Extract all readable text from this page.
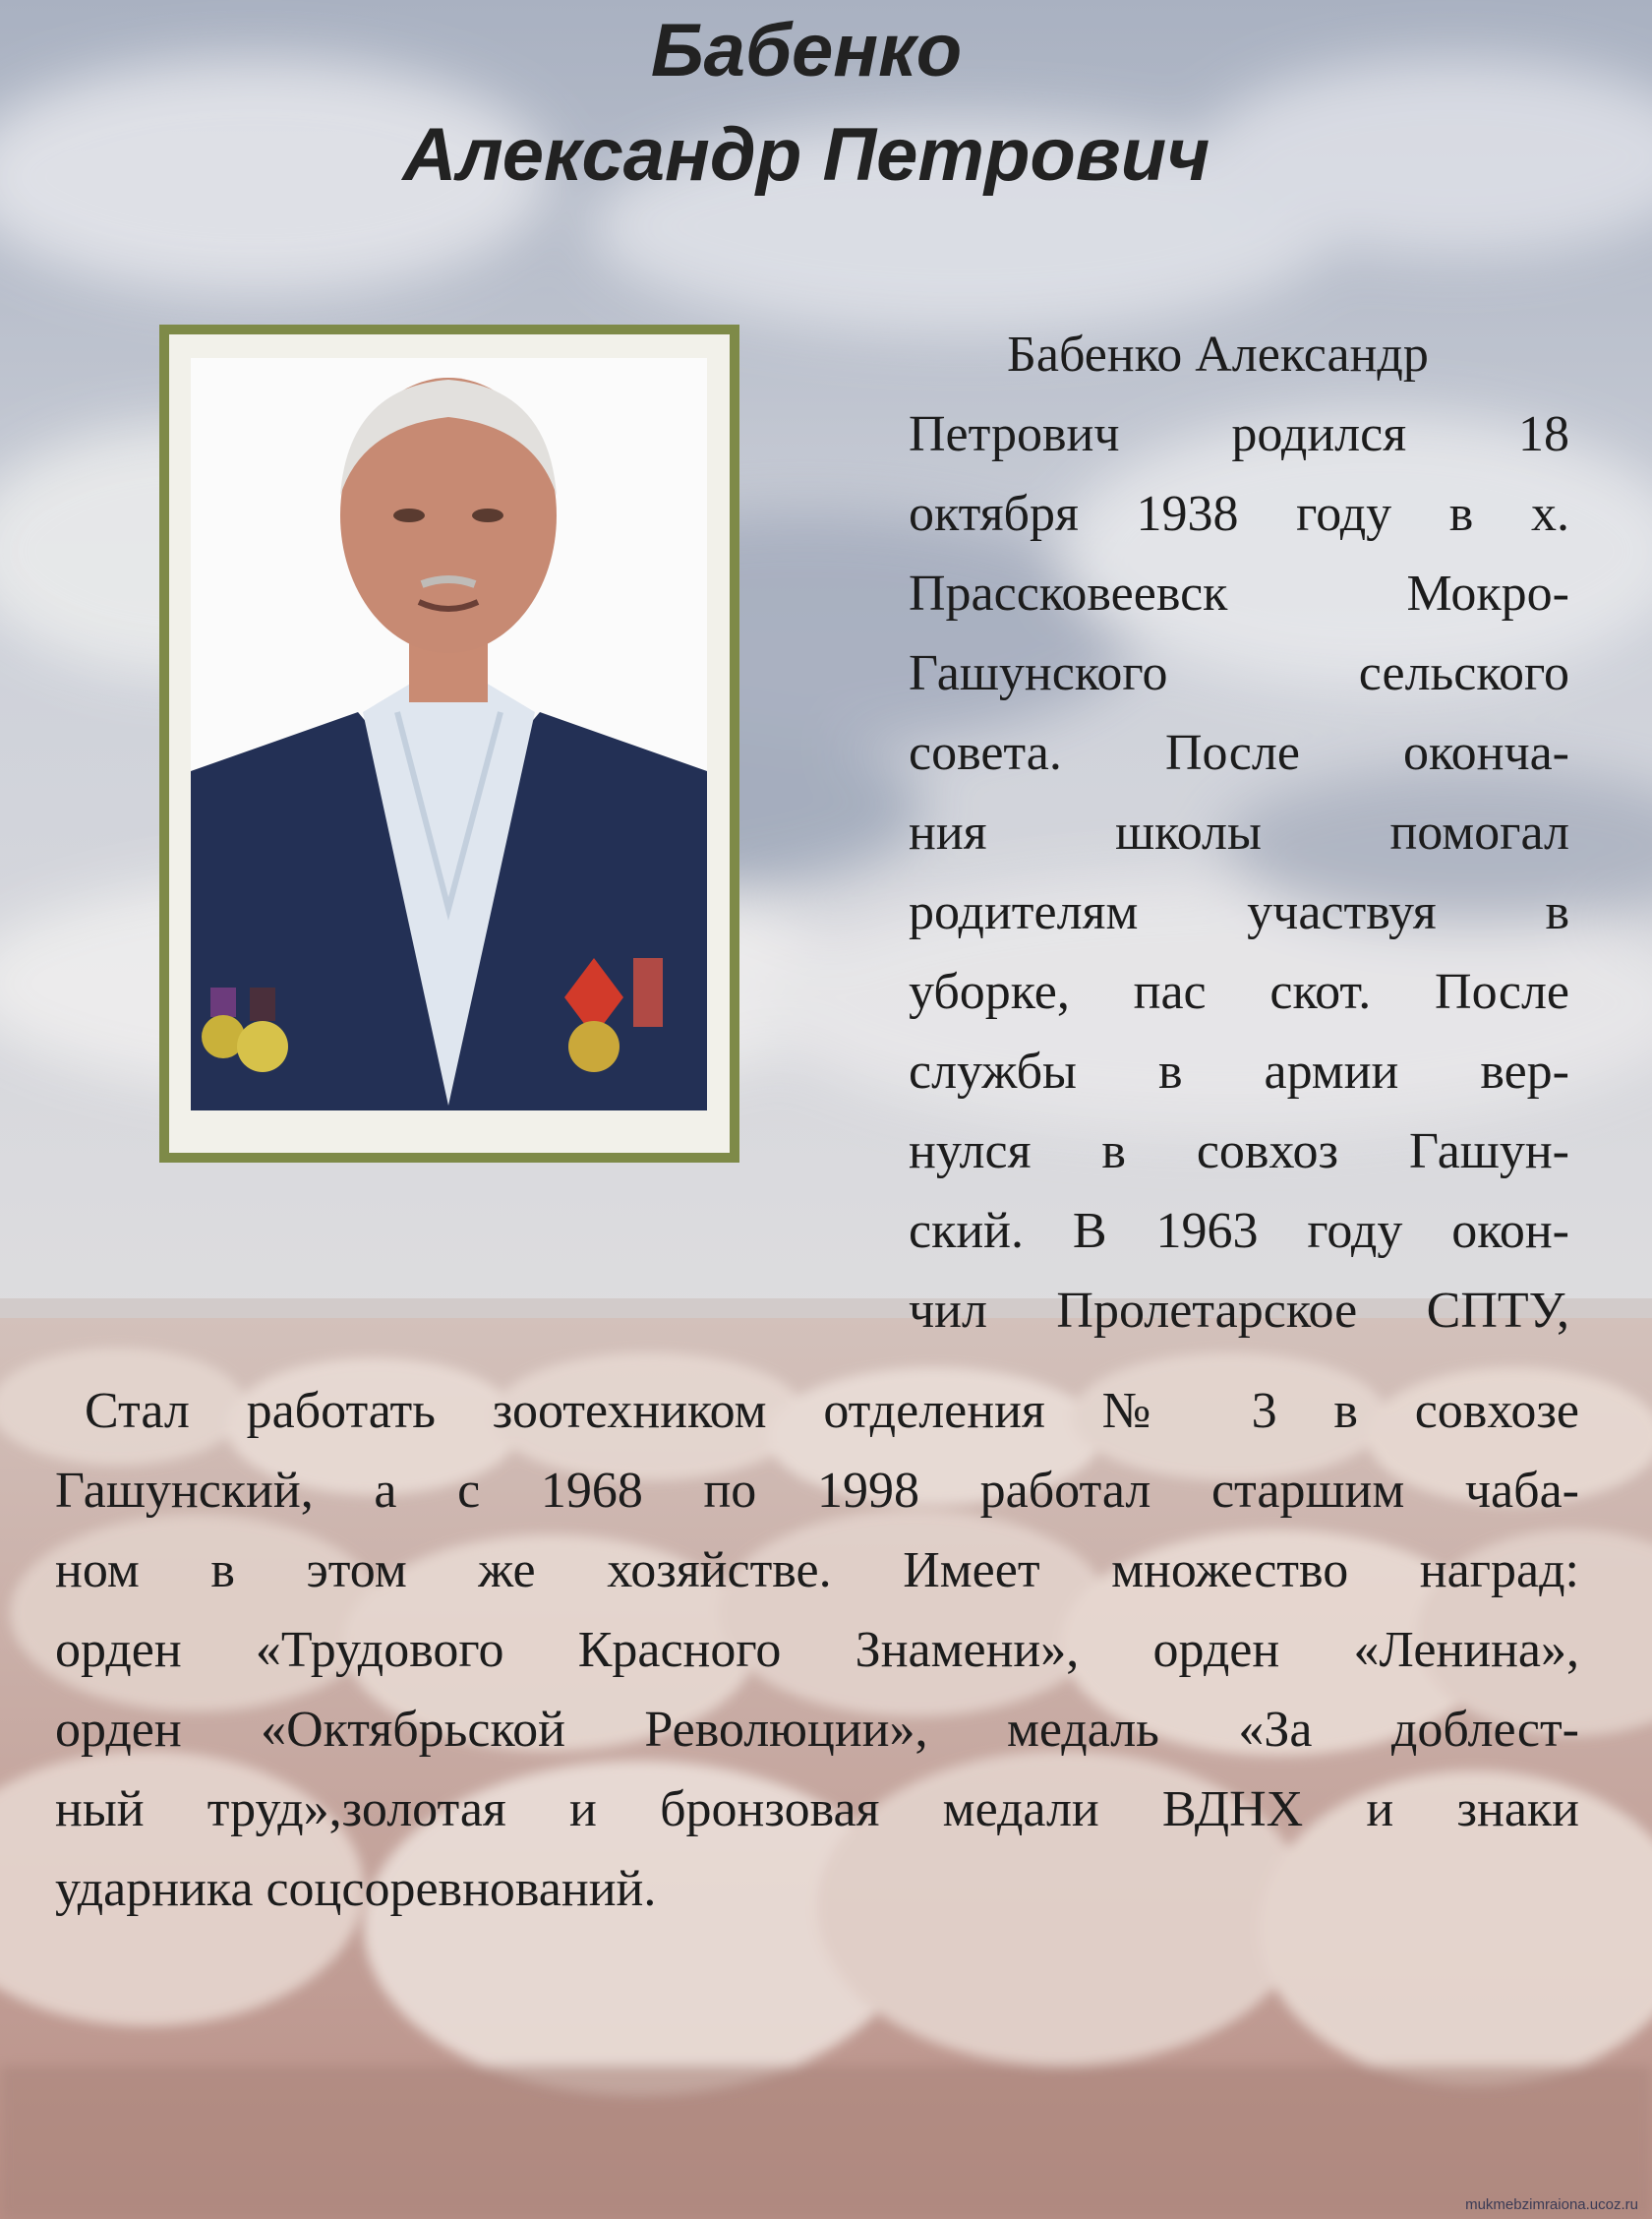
Бабенко
Александр Петрович
Бабенко Александр
Петрович родился 18
октября 1938 году в х.
Прассковеевск Мокро-
Гашунского сельского
совета. После оконча-
ния школы помогал
родителям участвуя в
уборке, пас скот. После
службы в армии вер-
нулся в совхоз Гашун-
ский. В 1963 году окон-
чил Пролетарское СПТУ,
Стал работать зоотехником отделения № 3 в совхозе
Гашунский, а с 1968 по 1998 работал старшим чаба-
ном в этом же хозяйстве. Имеет множество наград:
орден «Трудового Красного Знамени», орден «Ленина»,
орден «Октябрьской Революции», медаль «За доблест-
ный труд»,золотая и бронзовая медали ВДНХ и знаки
ударника соцсоревнований.
mukmebzimraiona.ucoz.ru
